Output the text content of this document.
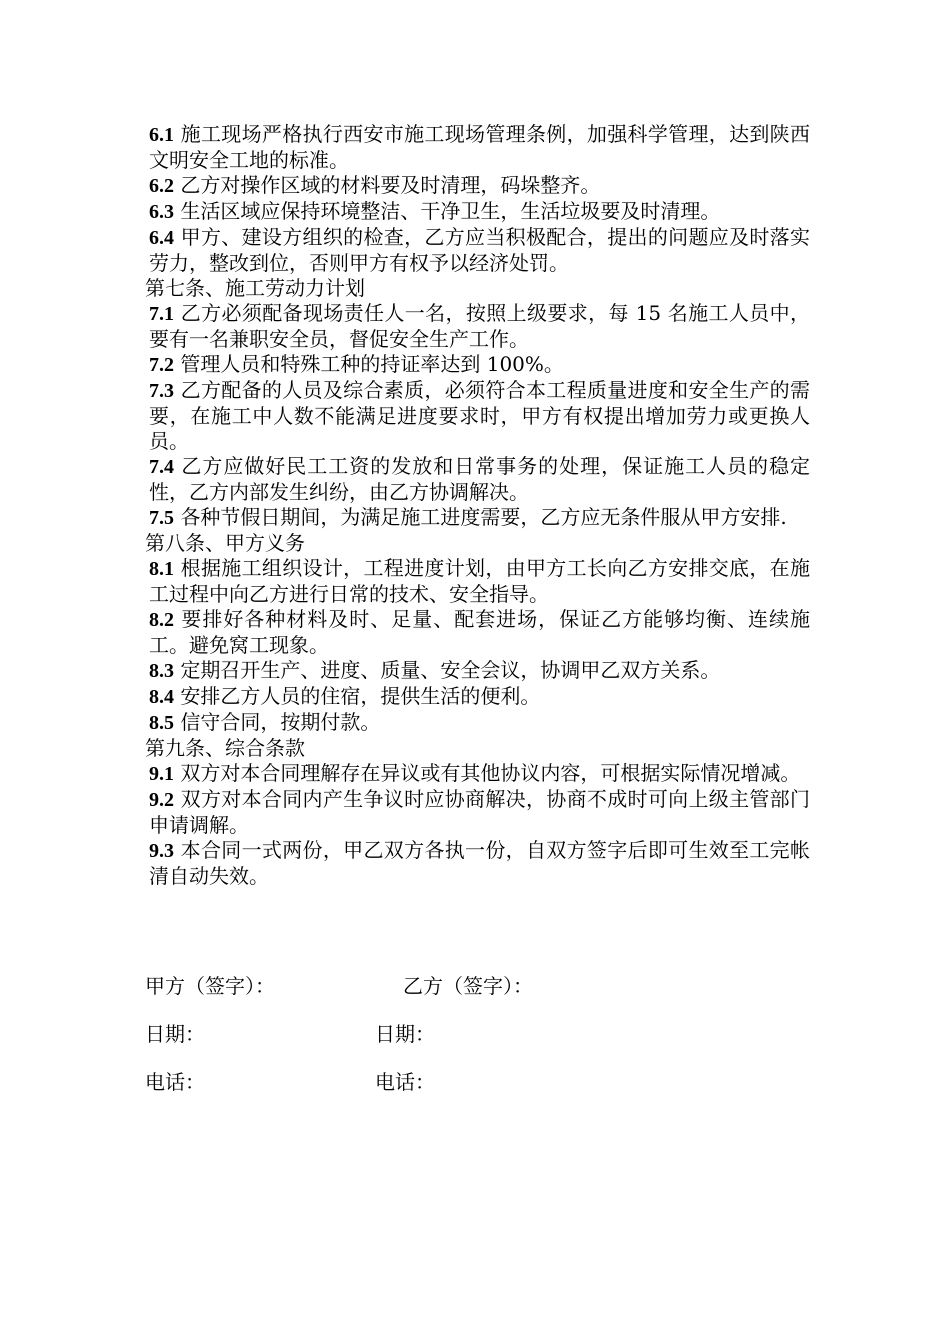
6.1 施工现场严格执行西安市施工现场管理条例，加强科学管理，达到陕西文明安全工地的标准。

6.2 乙方对操作区域的材料要及时清理，码垛整齐。

6.3 生活区域应保持环境整洁、干净卫生，生活垃圾要及时清理。

6.4 甲方、建设方组织的检查，乙方应当积极配合，提出的问题应及时落实劳力，整改到位，否则甲方有权予以经济处罚。

第七条、施工劳动力计划

7.1 乙方必须配备现场责任人一名，按照上级要求，每 15 名施工人员中，要有一名兼职安全员，督促安全生产工作。

7.2 管理人员和特殊工种的持证率达到 100%。

7.3 乙方配备的人员及综合素质，必须符合本工程质量进度和安全生产的需要，在施工中人数不能满足进度要求时，甲方有权提出增加劳力或更换人员。

7.4 乙方应做好民工工资的发放和日常事务的处理，保证施工人员的稳定性，乙方内部发生纠纷，由乙方协调解决。

7.5 各种节假日期间，为满足施工进度需要，乙方应无条件服从甲方安排.

第八条、甲方义务

8.1 根据施工组织设计，工程进度计划，由甲方工长向乙方安排交底，在施工过程中向乙方进行日常的技术、安全指导。

8.2 要排好各种材料及时、足量、配套进场，保证乙方能够均衡、连续施工。避免窝工现象。

8.3 定期召开生产、进度、质量、安全会议，协调甲乙双方关系。

8.4 安排乙方人员的住宿，提供生活的便利。

8.5 信守合同，按期付款。

第九条、综合条款

9.1 双方对本合同理解存在异议或有其他协议内容，可根据实际情况增减。

9.2 双方对本合同内产生争议时应协商解决，协商不成时可向上级主管部门申请调解。

9.3 本合同一式两份，甲乙双方各执一份，自双方签字后即可生效至工完帐清自动失效。

甲方（签字）：	乙方（签字）：
日期：	日期：
电话：	电话：
